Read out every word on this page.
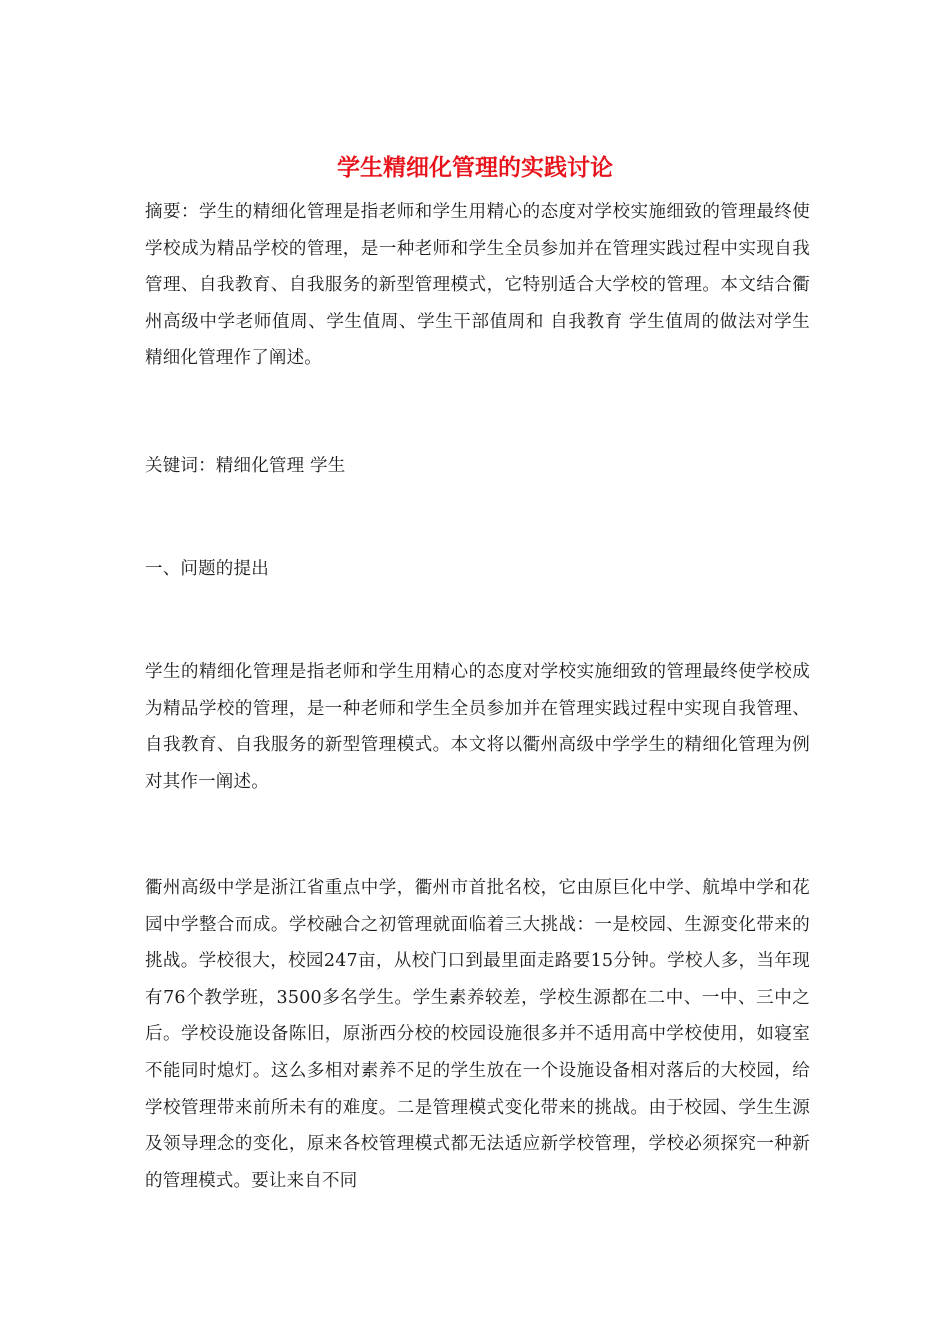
学生精细化管理的实践讨论

摘要：学生的精细化管理是指老师和学生用精心的态度对学校实施细致的管理最终使学校成为精品学校的管理，是一种老师和学生全员参加并在管理实践过程中实现自我管理、自我教育、自我服务的新型管理模式，它特别适合大学校的管理。本文结合衢州高级中学老师值周、学生值周、学生干部值周和 自我教育 学生值周的做法对学生精细化管理作了阐述。

关键词：精细化管理 学生

一、问题的提出

学生的精细化管理是指老师和学生用精心的态度对学校实施细致的管理最终使学校成为精品学校的管理，是一种老师和学生全员参加并在管理实践过程中实现自我管理、自我教育、自我服务的新型管理模式。本文将以衢州高级中学学生的精细化管理为例对其作一阐述。

衢州高级中学是浙江省重点中学，衢州市首批名校，它由原巨化中学、航埠中学和花园中学整合而成。学校融合之初管理就面临着三大挑战：一是校园、生源变化带来的挑战。学校很大，校园247亩，从校门口到最里面走路要15分钟。学校人多，当年现有76个教学班，3500多名学生。学生素养较差，学校生源都在二中、一中、三中之后。学校设施设备陈旧，原浙西分校的校园设施很多并不适用高中学校使用，如寝室不能同时熄灯。这么多相对素养不足的学生放在一个设施设备相对落后的大校园，给学校管理带来前所未有的难度。二是管理模式变化带来的挑战。由于校园、学生生源及领导理念的变化，原来各校管理模式都无法适应新学校管理，学校必须探究一种新的管理模式。要让来自不同
